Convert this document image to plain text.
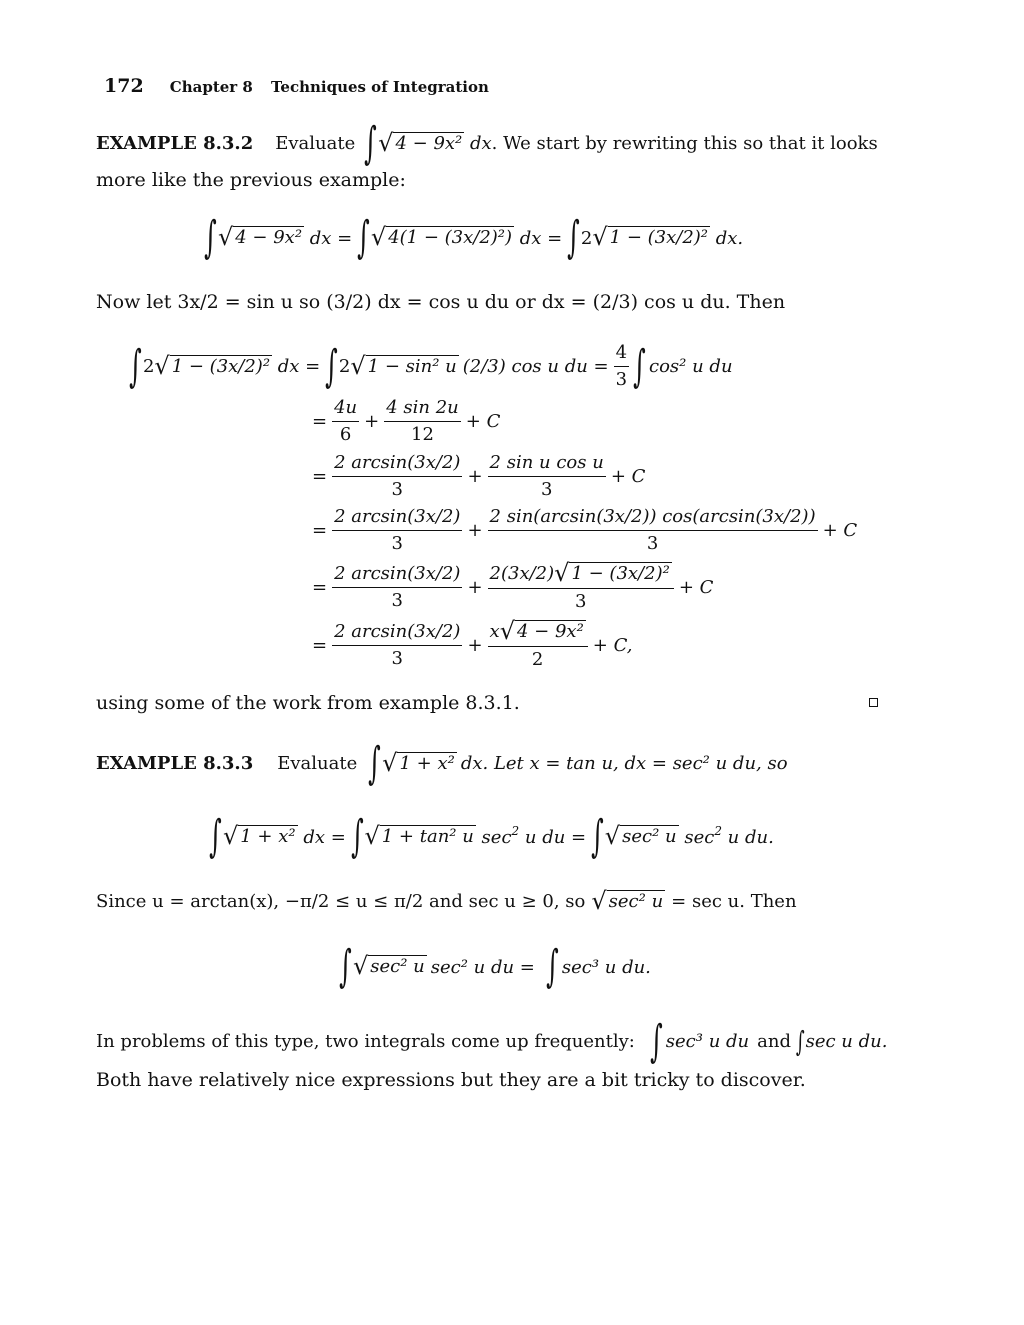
172 Chapter 8 Techniques of Integration
EXAMPLE 8.3.2 Evaluate ∫ √ 4 − 9x² dx . We start by rewriting this so that it looks
more like the previous example:
∫ √ 4 − 9x² dx = ∫ √ 4(1 − (3x/2)²) dx = ∫ 2 √ 1 − (3x/2)² dx.
Now let 3x/2 = sin u so (3/2) dx = cos u du or dx = (2/3) cos u du. Then
∫ 2 √ 1 − (3x/2)² dx = ∫ 2 √ 1 − sin² u (2/3) cos u du = $\frac{4}{3}$ ∫ cos² u du
= $\frac{4u}{6} + \frac{4 \sin 2u}{12} + C$
= $\frac{2 \arcsin(3x/2)}{3} + \frac{\text{2 sin u cos u}}{3} + C$
= $\frac{2 \arcsin(3x/2)}{3} + \frac{2 \sin(\arcsin(3x/2)) \cos(\arcsin(3x/2))}{3} + C$
= $\frac{2 \arcsin(3x/2)}{3} + \frac{\text{2(3x/2) √ 1 − (3x/2)²}}{3} + C$
= $\frac{2 \arcsin(3x/2)}{3} + \frac{\text{x √ 4 − 9x²}}{2} + C$,
using some of the work from example 8.3.1.
EXAMPLE 8.3.3 Evaluate ∫ √ 1 + x² dx. Let x = tan u, dx = sec² u du, so
∫ √ 1 + x² dx = ∫ √ 1 + tan² u $\sec^2 u$ du = ∫ √ sec² u $\sec^2 u$ du.
Since u = arctan(x), −π/2 ≤ u ≤ π/2 and sec u ≥ 0, so √ sec² u = sec u. Then
∫ √ sec² u sec² u du = ∫ sec³ u du.
In problems of this type, two integrals come up frequently: ∫ sec³ u du and ∫ sec u du.
Both have relatively nice expressions but they are a bit tricky to discover.
